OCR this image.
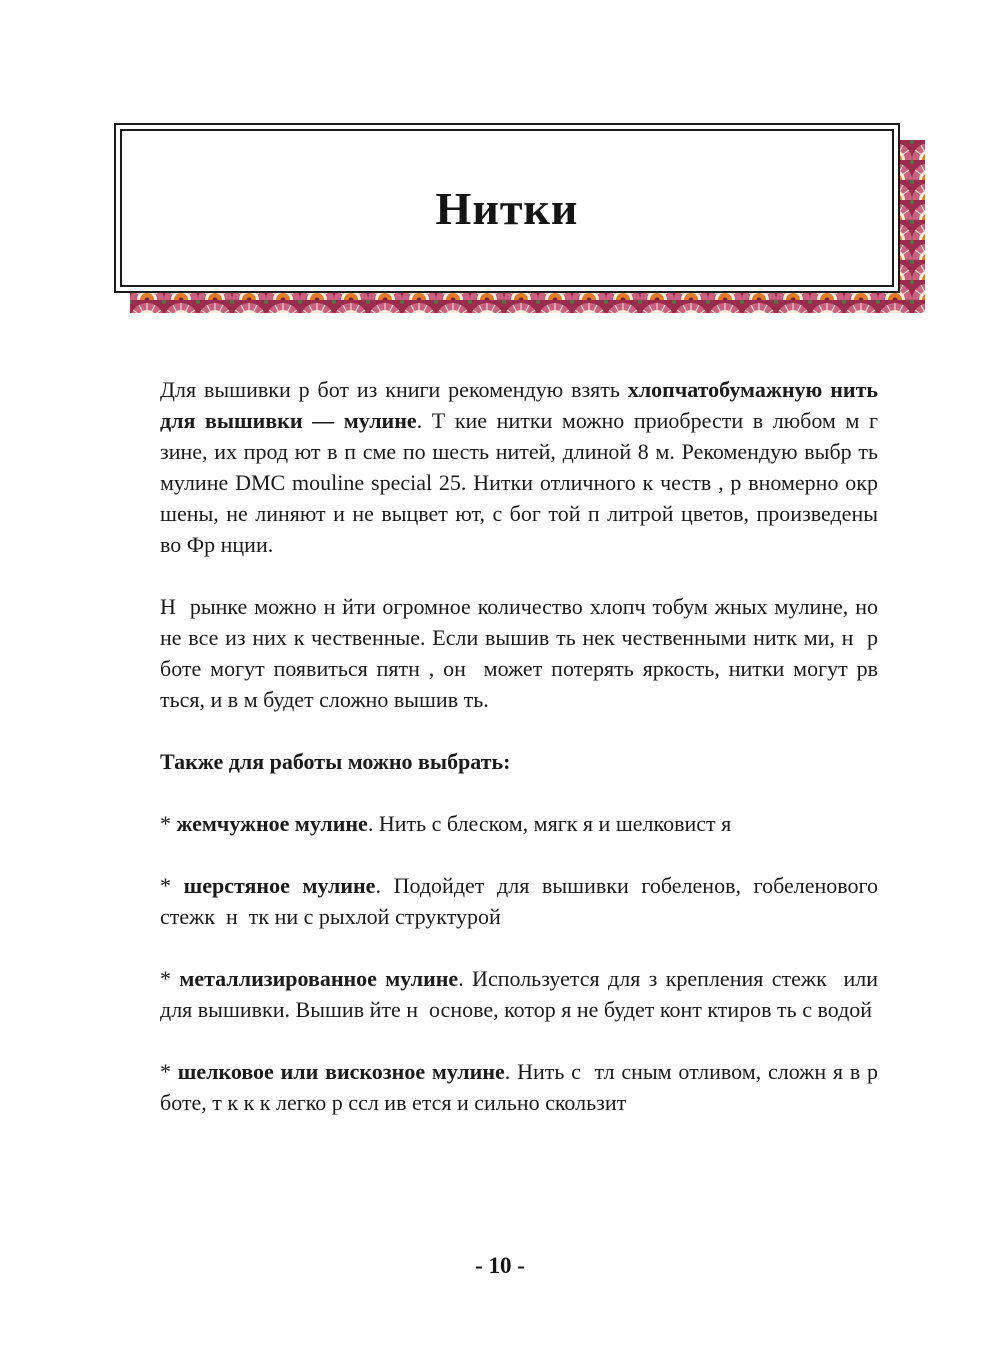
Нитки

Для вышивки р бот из книги рекомендую взять хлопчатобумажную нить для вышивки — мулине. Т кие нитки можно приобрести в любом м г зине, их прод ют в п сме по шесть нитей, длиной 8 м. Рекомендую выбр ть мулине DMC mouline special 25. Нитки отличного к честв , р вномерно окр шены, не линяют и не выцвет ют, с бог той п литрой цветов, произведены во Фр нции.

Н  рынке можно н йти огромное количество хлопч тобум жных мулине, но не все из них к чественные. Если вышив ть нек чественными нитк ми, н  р боте могут появиться пятн , он  может потерять яркость, нитки могут рв ться, и в м будет сложно вышив ть.

Также для работы можно выбрать:

* жемчужное мулине. Нить с блеском, мягк я и шелковист я

* шерстяное мулине. Подойдет для вышивки гобеленов, гобеленового стежк  н  тк ни с рыхлой структурой

* металлизированное мулине. Используется для з крепления стежк  или для вышивки. Вышив йте н  основе, котор я не будет конт ктиров ть с водой

* шелковое или вискозное мулине. Нить с  тл сным отливом, сложн я в р боте, т к к к легко р ссл ив ется и сильно скользит

- 10 -
